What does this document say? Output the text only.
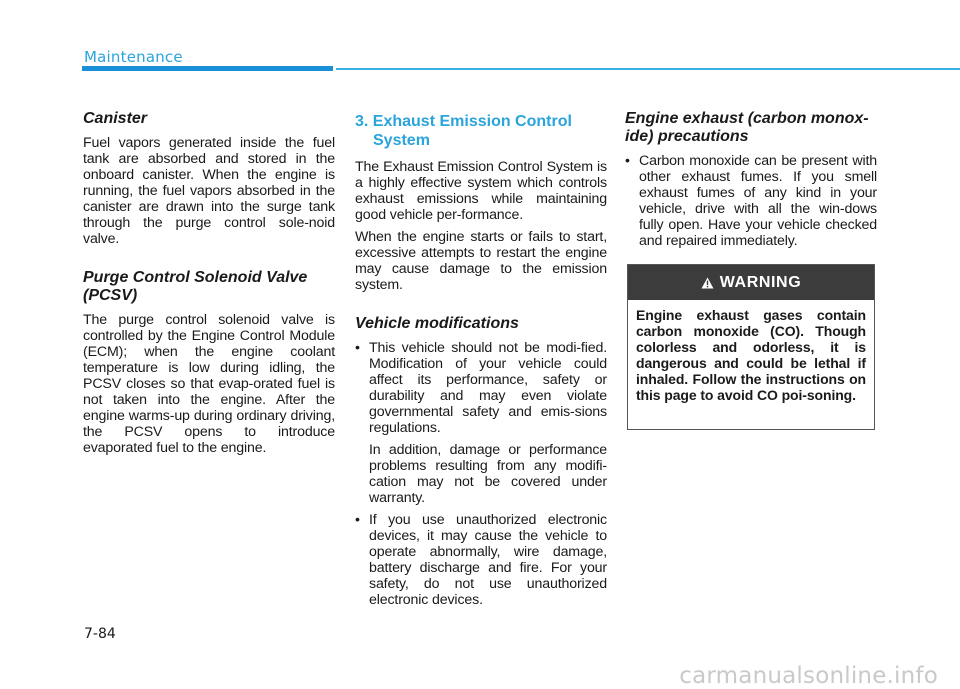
Maintenance
Canister

Fuel vapors generated inside the fuel tank are absorbed and stored in the onboard canister. When the engine is running, the fuel vapors absorbed in the canister are drawn into the surge tank through the purge control sole-noid valve.

Purge Control Solenoid Valve (PCSV)

The purge control solenoid valve is controlled by the Engine Control Module (ECM); when the engine coolant temperature is low during idling, the PCSV closes so that evap-orated fuel is not taken into the engine. After the engine warms-up during ordinary driving, the PCSV opens to introduce evaporated fuel to the engine.

3. Exhaust Emission Control System

The Exhaust Emission Control System is a highly effective system which controls exhaust emissions while maintaining good vehicle per-formance.

When the engine starts or fails to start, excessive attempts to restart the engine may cause damage to the emission system.

Vehicle modifications
• This vehicle should not be modi-fied. Modification of your vehicle could affect its performance, safety or durability and may even violate governmental safety and emis-sions regulations.
In addition, damage or performance problems resulting from any modifi-cation may not be covered under warranty.
• If you use unauthorized electronic devices, it may cause the vehicle to operate abnormally, wire damage, battery discharge and fire. For your safety, do not use unauthorized electronic devices.
Engine exhaust (carbon monox-ide) precautions
• Carbon monoxide can be present with other exhaust fumes. If you smell exhaust fumes of any kind in your vehicle, drive with all the win-dows fully open. Have your vehicle checked and repaired immediately.
WARNING
Engine exhaust gases contain carbon monoxide (CO). Though colorless and odorless, it is dangerous and could be lethal if inhaled. Follow the instructions on this page to avoid CO poi-soning.
7-84
carmanualsonline.info
